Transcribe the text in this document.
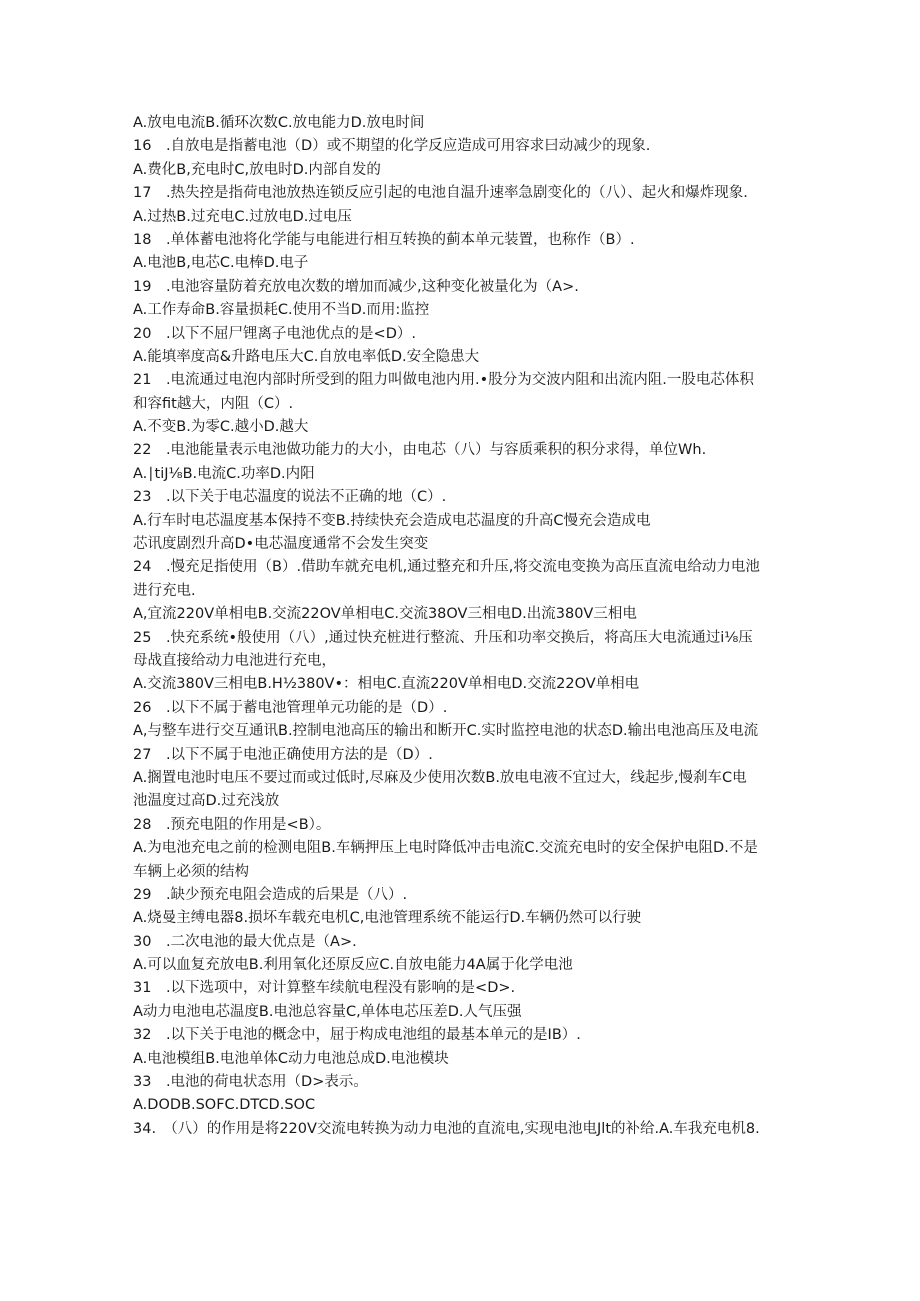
A.放电电流B.循环次数C.放电能力D.放电时间
16　.自放电是指蓄电池（D）或不期望的化学反应造成可用容求曰动减少的现象.
A.费化B,充电时C,放电时D.内部自发的
17　.热失控是指荷电池放热连锁反应引起的电池自温升速率急剧变化的（八）、起火和爆炸现象.
A.过热B.过充电C.过放电D.过电压
18　.单体蓄电池将化学能与电能进行相互转换的蓟本单元装置，也称作（B）.
A.电池B,电芯C.电棒D.电子
19　.电池容量防着充放电次数的增加而减少,这种变化被量化为（A>.
A.工作寿命B.容量损耗C.使用不当D.而用:监控
20　.以下不屈尸锂离子电池优点的是<D）.
A.能填率度高&升路电压大C.自放电率低D.安全隐患大
21　.电流通过电泡内部时所受到的阻力叫做电池内用.•股分为交波内阻和出流内阻.一股电芯体积
和容fit越大，内阻（C）.
A.不变B.为零C.越小D.越大
22　.电池能量表示电池做功能力的大小，由电芯（八）与容质乘积的积分求得，单位Wh.
A.∣tiJ⅛B.电流C.功率D.内阳
23　.以下关于电芯温度的说法不正确的地（C）.
A.行车时电芯温度基本保持不变B.持续快充会造成电芯温度的升高C慢充会造成电
芯讯度剧烈升高D•电芯温度通常不会发生突变
24　.慢充足指使用（B）.借助车就充电机,通过整充和升压,将交流电变换为高压直流电给动力电池
进行充电.
A,宜流220V单相电B.交流22OV单相电C.交流38OV三相电D.出流380V三相电
25　.快充系统•般使用（八）,通过快充桩进行整流、升压和功率交换后，将高压大电流通过i⅛压
母战直接给动力电池进行充电，
A.交流380V三相电B.H½380V•：相电C.直流220V单相电D.交流22OV单相电
26　.以下不属于蓄电池管理单元功能的是（D）.
A,与整车进行交互通讯B.控制电池高压的输出和断开C.实时监控电池的状态D.输出电池高压及电流
27　.以下不属于电池正确使用方法的是（D）.
A.搁置电池时电压不要过而或过低时,尽麻及少使用次数B.放电电液不宜过大，线起步,慢刹车C电
池温度过高D.过充浅放
28　.预充电阻的作用是<B）。
A.为电池充电之前的检测电阻B.车辆押压上电时降低冲击电流C.交流充电时的安全保护电阻D.不是
车辆上必须的结构
29　.缺少预充电阻会造成的后果是（八）.
A.烧曼主缚电器8.损坏车载充电机C,电池管理系统不能运行D.车辆仍然可以行驶
30　.二次电池的最大优点是（A>.
A.可以血复充放电B.利用氧化还原反应C.自放电能力4A属于化学电池
31　.以下选项中，对计算整车续航电程没有影响的是<D>.
A动力电池电芯温度B.电池总容量C,单体电芯压差D.人气压强
32　.以下关于电池的概念中，屈于构成电池组的最基本单元的是IB）.
A.电池模组B.电池单体C动力电池总成D.电池模块
33　.电池的荷电状态用（D>表示。
A.DODB.SOFC.DTCD.SOC
34.　（八）的作用是将220V交流电转换为动力电池的直流电,实现电池电Jlt的补给.A.车我充电机8.
